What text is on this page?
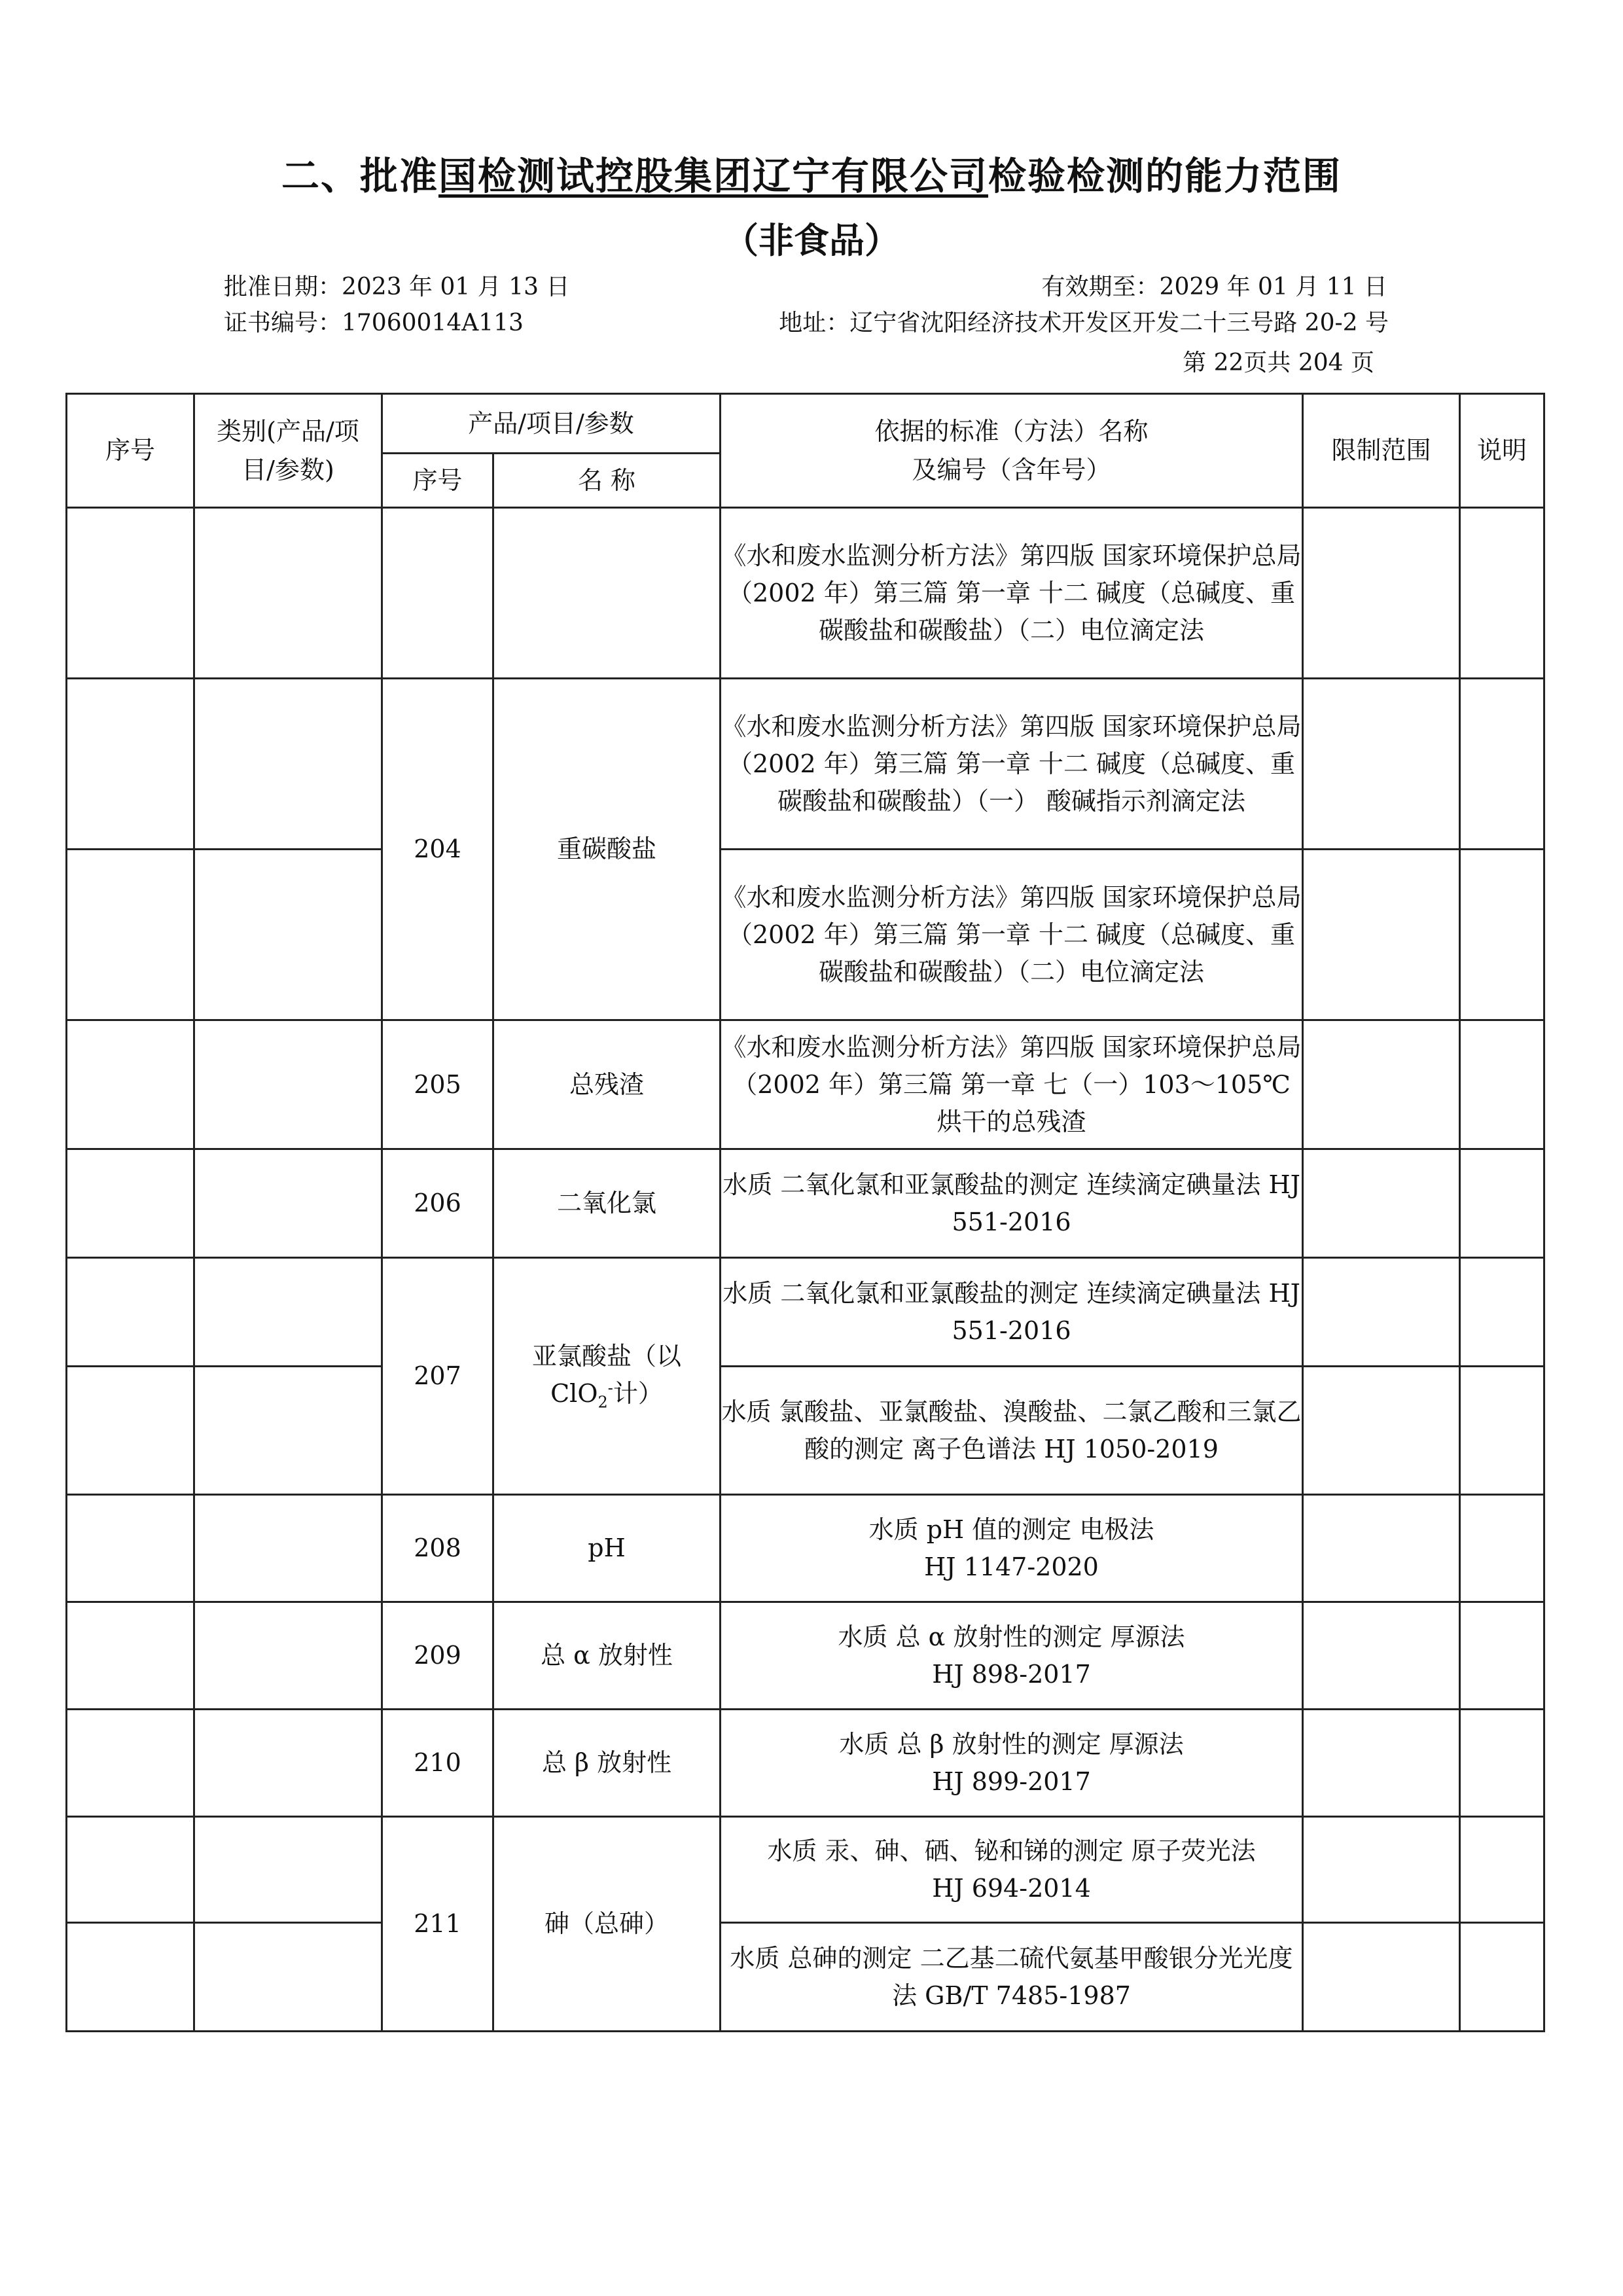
二、批准国检测试控股集团辽宁有限公司检验检测的能力范围
（非食品）
批准日期：2023 年 01 月 13 日	有效期至：2029 年 01 月 11 日
证书编号：17060014A113	地址：辽宁省沈阳经济技术开发区开发二十三号路 20-2 号
第 22页共 204 页
序号	类别(产品/项目/参数)	产品/项目/参数		依据的标准（方法）名称
及编号（含年号）	限制范围	说明
		序号	名 称			

				《水和废水监测分析方法》第四版 国家环境保护总局（2002 年）第三篇 第一章 十二 碱度（总碱度、重碳酸盐和碳酸盐）（二）电位滴定法		

		204	重碳酸盐	《水和废水监测分析方法》第四版 国家环境保护总局（2002 年）第三篇 第一章 十二 碱度（总碱度、重碳酸盐和碳酸盐）（一） 酸碱指示剂滴定法		

				《水和废水监测分析方法》第四版 国家环境保护总局（2002 年）第三篇 第一章 十二 碱度（总碱度、重碳酸盐和碳酸盐）（二）电位滴定法		

		205	总残渣	《水和废水监测分析方法》第四版 国家环境保护总局（2002 年）第三篇 第一章 七（一）103～105℃烘干的总残渣		

		206	二氧化氯	水质 二氧化氯和亚氯酸盐的测定 连续滴定碘量法 HJ 551-2016		

		207	亚氯酸盐（以
ClO$_2$-计）	水质 二氧化氯和亚氯酸盐的测定 连续滴定碘量法 HJ 551-2016		

				水质 氯酸盐、亚氯酸盐、溴酸盐、二氯乙酸和三氯乙酸的测定 离子色谱法 HJ 1050-2019		

		208	pH	水质 pH 值的测定 电极法
HJ 1147-2020		

		209	总 α 放射性	水质 总 α 放射性的测定 厚源法
HJ 898-2017		

		210	总 β 放射性	水质 总 β 放射性的测定 厚源法
HJ 899-2017		

		211	砷（总砷）	水质 汞、砷、硒、铋和锑的测定 原子荧光法
HJ 694-2014		

				水质 总砷的测定 二乙基二硫代氨基甲酸银分光光度法 GB/T 7485-1987		
